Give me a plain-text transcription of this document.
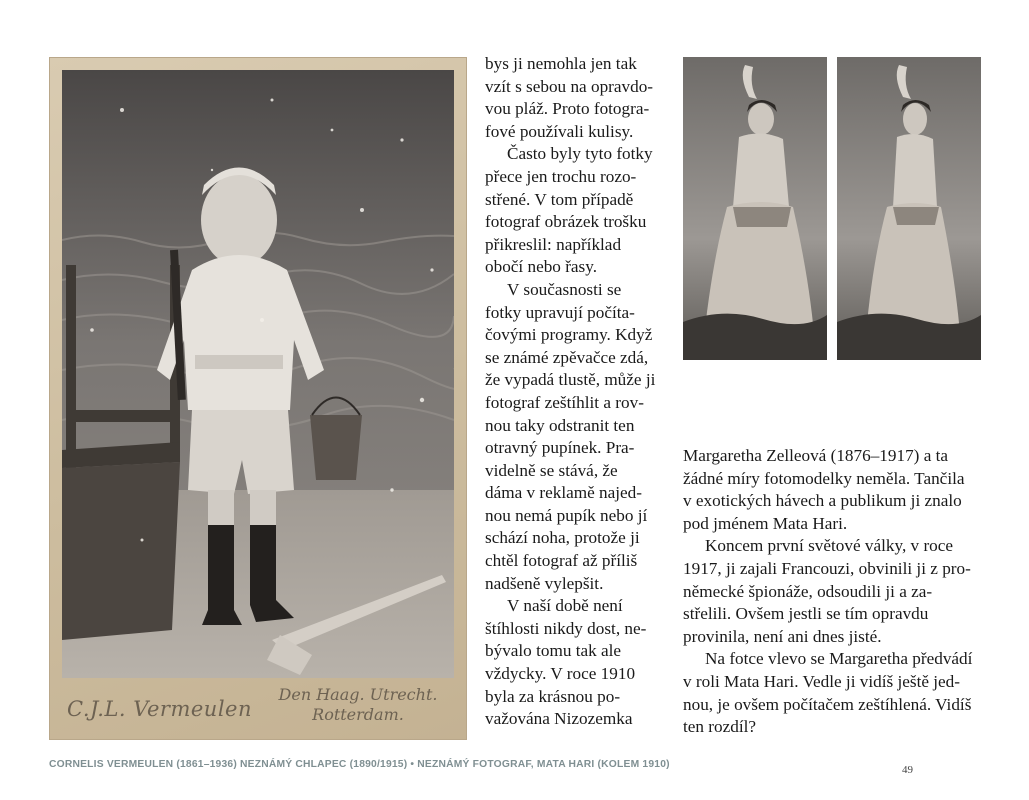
C.J.L. Vermeulen
Den Haag. Utrecht.
Rotterdam.

bys ji nemohla jen tak
vzít s sebou na opravdo-
vou pláž. Proto fotogra-
fové používali kulisy.

Často byly tyto fotky
přece jen trochu rozo-
střené. V tom případě
fotograf obrázek trošku
přikreslil: například
obočí nebo řasy.

V současnosti se
fotky upravují počíta-
čovými programy. Když
se známé zpěvačce zdá,
že vypadá tlustě, může ji
fotograf zeštíhlit a rov-
nou taky odstranit ten
otravný pupínek. Pra-
videlně se stává, že
dáma v reklamě najed-
nou nemá pupík nebo jí
schází noha, protože ji
chtěl fotograf až příliš
nadšeně vylepšit.

V naší době není
štíhlosti nikdy dost, ne-
bývalo tomu tak ale
vždycky. V roce 1910
byla za krásnou po-
važována Nizozemka

Margaretha Zelleová (1876–1917) a ta
žádné míry fotomodelky neměla. Tančila
v exotických hávech a publikum ji znalo
pod jménem Mata Hari.

Koncem první světové války, v roce
1917, ji zajali Francouzi, obvinili ji z pro-
německé špionáže, odsoudili ji a za-
střelili. Ovšem jestli se tím opravdu
provinila, není ani dnes jisté.

Na fotce vlevo se Margaretha předvádí
v roli Mata Hari. Vedle ji vidíš ještě jed-
nou, je ovšem počítačem zeštíhlená. Vidíš
ten rozdíl?

CORNELIS VERMEULEN (1861–1936) NEZNÁMÝ CHLAPEC (1890/1915) • NEZNÁMÝ FOTOGRAF, MATA HARI (KOLEM 1910)	49
